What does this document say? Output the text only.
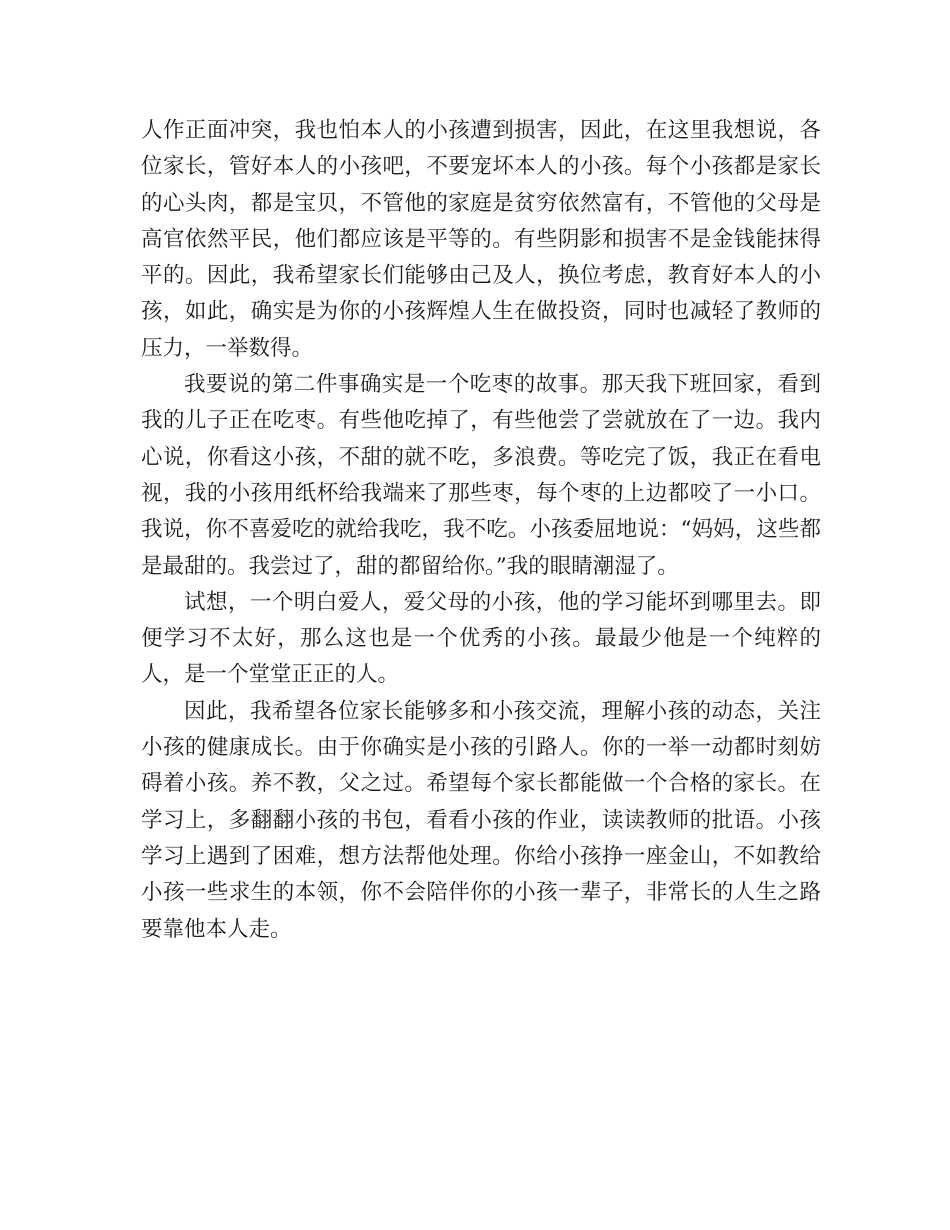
人作正面冲突，我也怕本人的小孩遭到损害，因此，在这里我想说，各位家长，管好本人的小孩吧，不要宠坏本人的小孩。每个小孩都是家长的心头肉，都是宝贝，不管他的家庭是贫穷依然富有，不管他的父母是高官依然平民，他们都应该是平等的。有些阴影和损害不是金钱能抹得平的。因此，我希望家长们能够由己及人，换位考虑，教育好本人的小孩，如此，确实是为你的小孩辉煌人生在做投资，同时也减轻了教师的压力，一举数得。

我要说的第二件事确实是一个吃枣的故事。那天我下班回家，看到我的儿子正在吃枣。有些他吃掉了，有些他尝了尝就放在了一边。我内心说，你看这小孩，不甜的就不吃，多浪费。等吃完了饭，我正在看电视，我的小孩用纸杯给我端来了那些枣，每个枣的上边都咬了一小口。我说，你不喜爱吃的就给我吃，我不吃。小孩委屈地说：“妈妈，这些都是最甜的。我尝过了，甜的都留给你。”我的眼睛潮湿了。

试想，一个明白爱人，爱父母的小孩，他的学习能坏到哪里去。即便学习不太好，那么这也是一个优秀的小孩。最最少他是一个纯粹的人，是一个堂堂正正的人。

因此，我希望各位家长能够多和小孩交流，理解小孩的动态，关注小孩的健康成长。由于你确实是小孩的引路人。你的一举一动都时刻妨碍着小孩。养不教，父之过。希望每个家长都能做一个合格的家长。在学习上，多翻翻小孩的书包，看看小孩的作业，读读教师的批语。小孩学习上遇到了困难，想方法帮他处理。你给小孩挣一座金山，不如教给小孩一些求生的本领，你不会陪伴你的小孩一辈子，非常长的人生之路要靠他本人走。
